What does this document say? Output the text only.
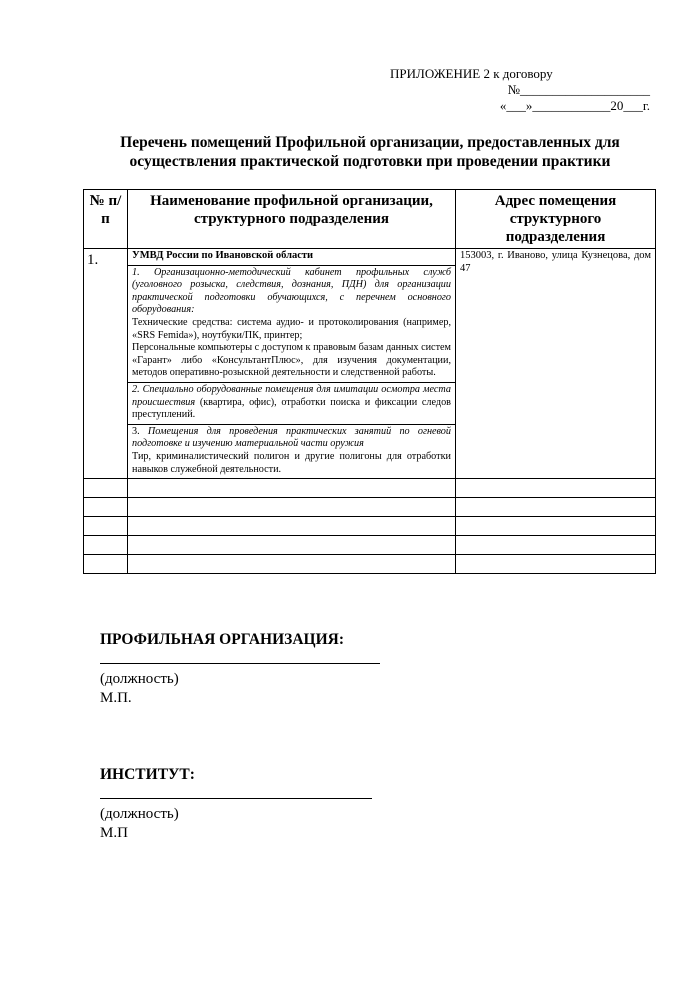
ПРИЛОЖЕНИЕ 2 к договору
№____________________
«___»____________20___г.
Перечень помещений Профильной организации, предоставленных для
осуществления практической подготовки при проведении практики
№ п/п	Наименование профильной организации, структурного подразделения	Адрес помещения структурного подразделения
1.	УМВД России по Ивановской области	153003, г. Иваново, улица Кузнецова, дом 47
	1. Организационно-методический кабинет профильных служб (уголовного розыска, следствия, дознания, ПДН) для организации практической подготовки обучающихся, с перечнем основного оборудования:
Технические средства: система аудио- и протоколирования (например, «SRS Femida»), ноутбуки/ПК, принтер;
Персональные компьютеры с доступом к правовым базам данных систем «Гарант» либо «КонсультантПлюс», для изучения документации, методов оперативно-розыскной деятельности и следственной работы.	
	2. Специально оборудованные помещения для имитации осмотра места происшествия (квартира, офис), отработки поиска и фиксации следов преступлений.	
	3. Помещения для проведения практических занятий по огневой подготовке и изучению материальной части оружия
Тир, криминалистический полигон и другие полигоны для отработки навыков служебной деятельности.	

ПРОФИЛЬНАЯ ОРГАНИЗАЦИЯ:
(должность)
М.П.
ИНСТИТУТ:
(должность)
М.П
